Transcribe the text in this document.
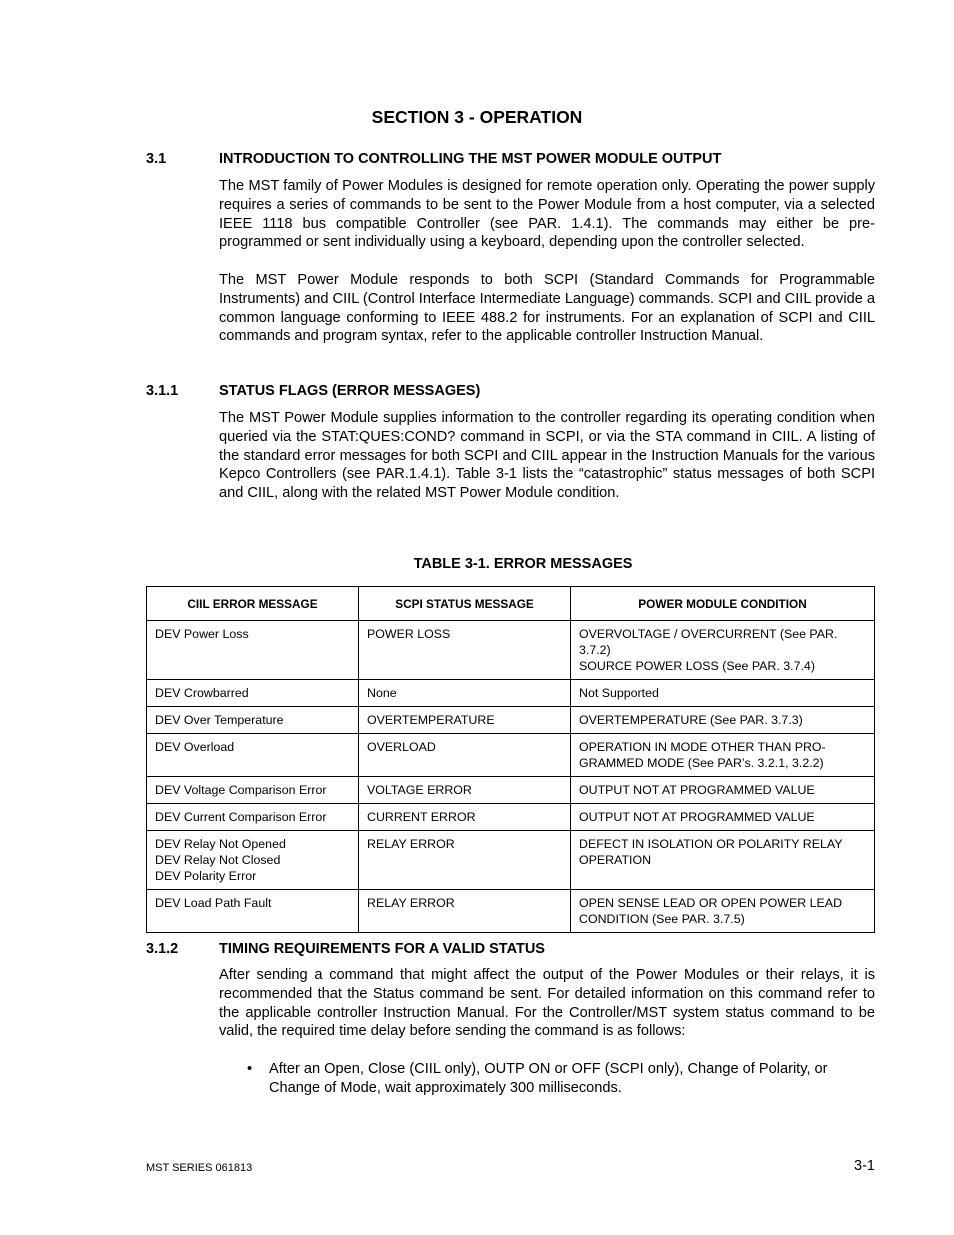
SECTION 3 - OPERATION
3.1	INTRODUCTION TO CONTROLLING THE MST POWER MODULE OUTPUT
The MST family of Power Modules is designed for remote operation only. Operating the power supply requires a series of commands to be sent to the Power Module from a host computer, via a selected IEEE 1118 bus compatible Controller (see PAR. 1.4.1). The commands may either be pre-programmed or sent individually using a keyboard, depending upon the controller selected.
The MST Power Module responds to both SCPI (Standard Commands for Programmable Instruments) and CIIL (Control Interface Intermediate Language) commands. SCPI and CIIL provide a common language conforming to IEEE 488.2 for instruments. For an explanation of SCPI and CIIL commands and program syntax, refer to the applicable controller Instruction Manual.
3.1.1	STATUS FLAGS (ERROR MESSAGES)
The MST Power Module supplies information to the controller regarding its operating condition when queried via the STAT:QUES:COND? command in SCPI, or via the STA command in CIIL. A listing of the standard error messages for both SCPI and CIIL appear in the Instruction Manuals for the various Kepco Controllers (see PAR.1.4.1). Table 3-1 lists the “catastrophic” status messages of both SCPI and CIIL, along with the related MST Power Module condition.
TABLE 3-1. ERROR MESSAGES
CIIL ERROR MESSAGE	SCPI STATUS MESSAGE	POWER MODULE CONDITION

DEV Power Loss	POWER LOSS	OVERVOLTAGE / OVERCURRENT (See PAR. 3.7.2)
SOURCE POWER LOSS (See PAR. 3.7.4)

DEV Crowbarred	None	Not Supported

DEV Over Temperature	OVERTEMPERATURE	OVERTEMPERATURE (See PAR. 3.7.3)

DEV Overload	OVERLOAD	OPERATION IN MODE OTHER THAN PRO-
GRAMMED MODE (See PAR’s. 3.2.1, 3.2.2)

DEV Voltage Comparison Error	VOLTAGE ERROR	OUTPUT NOT AT PROGRAMMED VALUE

DEV Current Comparison Error	CURRENT ERROR	OUTPUT NOT AT PROGRAMMED VALUE

DEV Relay Not Opened
DEV Relay Not Closed
DEV Polarity Error	RELAY ERROR	DEFECT IN ISOLATION OR POLARITY RELAY
OPERATION

DEV Load Path Fault	RELAY ERROR	OPEN SENSE LEAD OR OPEN POWER LEAD
CONDITION (See PAR. 3.7.5)
3.1.2	TIMING REQUIREMENTS FOR A VALID STATUS
After sending a command that might affect the output of the Power Modules or their relays, it is recommended that the Status command be sent. For detailed information on this command refer to the applicable controller Instruction Manual. For the Controller/MST system status command to be valid, the required time delay before sending the command is as follows:
• After an Open, Close (CIIL only), OUTP ON or OFF (SCPI only), Change of Polarity, or Change of Mode, wait approximately 300 milliseconds.
MST SERIES 061813	3-1
